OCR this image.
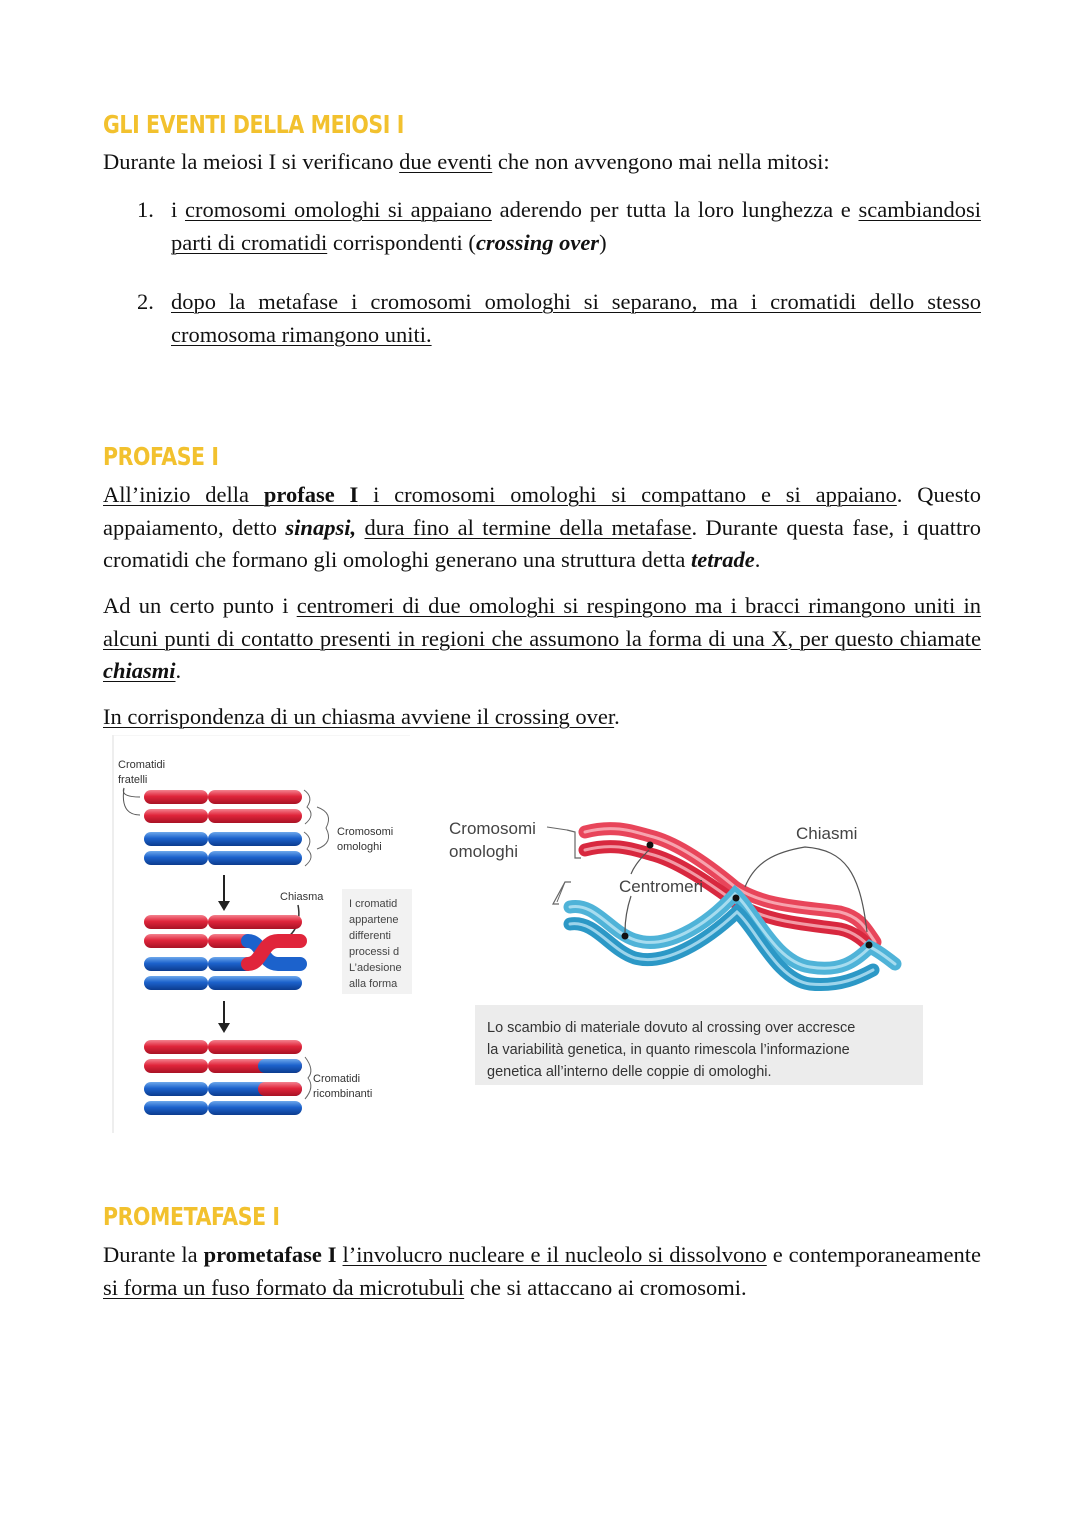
GLI EVENTI DELLA MEIOSI I

Durante la meiosi I si verificano due eventi che non avvengono mai nella mitosi:

1. i cromosomi omologhi si appaiano aderendo per tutta la loro lunghezza e scambiandosi parti di cromatidi corrispondenti (crossing over)
2. dopo la metafase i cromosomi omologhi si separano, ma i cromatidi dello stesso cromosoma rimangono uniti.
PROFASE I

All’inizio della profase I i cromosomi omologhi si compattano e si appaiano. Questo appaiamento, detto sinapsi, dura fino al termine della metafase. Durante questa fase, i quattro cromatidi che formano gli omologhi generano una struttura detta tetrade.

Ad un certo punto i centromeri di due omologhi si respingono ma i bracci rimangono uniti in alcuni punti di contatto presenti in regioni che assumono la forma di una X, per questo chiamate chiasmi.

In corrispondenza di un chiasma avviene il crossing over.

Cromatidi
fratelli
Cromosomi
omologhi
Chiasma
I cromatid
appartene
differenti
processi d
L’adesione
alla forma
Cromatidi
ricombinanti
Cromosomi
omologhi
Chiasmi
Centromeri
Lo scambio di materiale dovuto al crossing over accresce
la variabilità genetica, in quanto rimescola l’informazione
genetica all’interno delle coppie di omologhi.
PROMETAFASE I

Durante la prometafase I l’involucro nucleare e il nucleolo si dissolvono e contemporaneamente si forma un fuso formato da microtubuli che si attaccano ai cromosomi.
